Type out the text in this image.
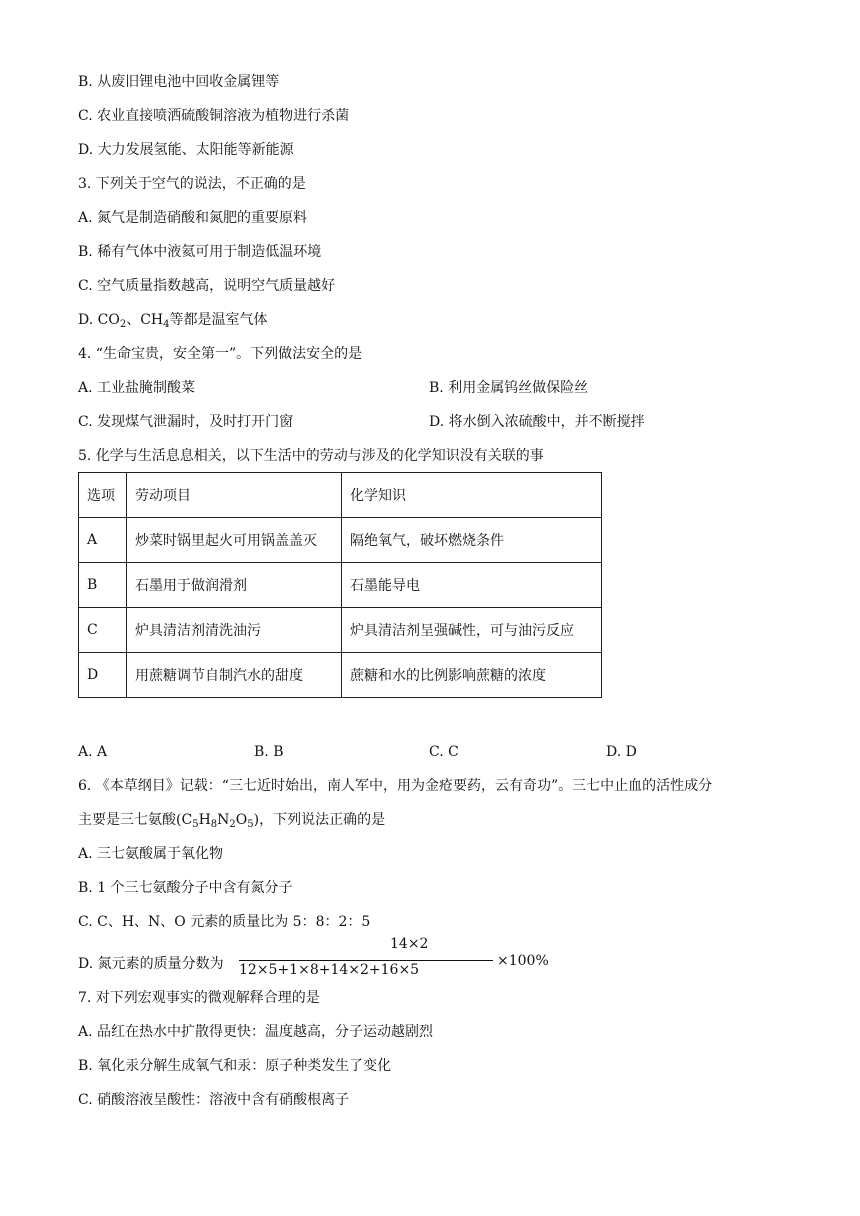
B. 从废旧锂电池中回收金属锂等
C. 农业直接喷洒硫酸铜溶液为植物进行杀菌
D. 大力发展氢能、太阳能等新能源
3. 下列关于空气的说法，不正确的是
A. 氮气是制造硝酸和氮肥的重要原料
B. 稀有气体中液氦可用于制造低温环境
C. 空气质量指数越高，说明空气质量越好
D. $CO_2$、$CH_4$等都是温室气体
4. “生命宝贵，安全第一”。下列做法安全的是
A. 工业盐腌制酸菜	B. 利用金属钨丝做保险丝
C. 发现煤气泄漏时，及时打开门窗	D. 将水倒入浓硫酸中，并不断搅拌
5. 化学与生活息息相关，以下生活中的劳动与涉及的化学知识没有关联的事
选项	劳动项目	化学知识
A	炒菜时锅里起火可用锅盖盖灭	隔绝氧气，破坏燃烧条件
B	石墨用于做润滑剂	石墨能导电
C	炉具清洁剂清洗油污	炉具清洁剂呈强碱性，可与油污反应
D	用蔗糖调节自制汽水的甜度	蔗糖和水的比例影响蔗糖的浓度
A. A	B. B	C. C	D. D
6. 《本草纲目》记载：“三七近时始出，南人军中，用为金疮要药，云有奇功”。三七中止血的活性成分
主要是三七氨酸$(C_5H_8N_2O_5)$，下列说法正确的是
A. 三七氨酸属于氧化物
B. 1 个三七氨酸分子中含有氮分子
C. C、H、N、O 元素的质量比为 5：8：2：5
D. 氮元素的质量分数为
14×2
12×5+1×8+14×2+16×5
×100%
7. 对下列宏观事实的微观解释合理的是
A. 品红在热水中扩散得更快：温度越高，分子运动越剧烈
B. 氧化汞分解生成氧气和汞：原子种类发生了变化
C. 硝酸溶液呈酸性：溶液中含有硝酸根离子
